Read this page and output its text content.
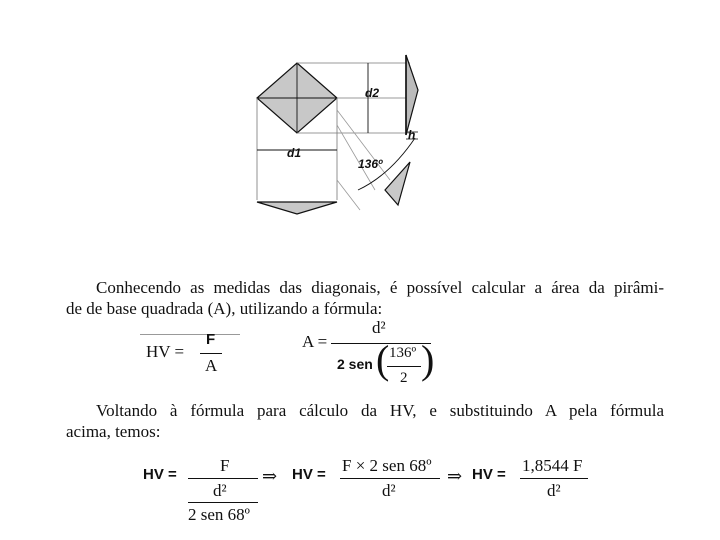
d2
d1
h
136º

Conhecendo as medidas das diagonais, é possível calcular a área da pirâmi-

de de base quadrada (A), utilizando a fórmula:

HV =
F
A
A =
d²
2 sen ( 136º
2 )

Voltando à fórmula para cálculo da HV, e substituindo A pela fórmula

acima, temos:

HV =	F
d²
2 sen 68º
⇒ HV = F × 2 sen 68º
d²
⇒ HV = 1,8544 F
d²
